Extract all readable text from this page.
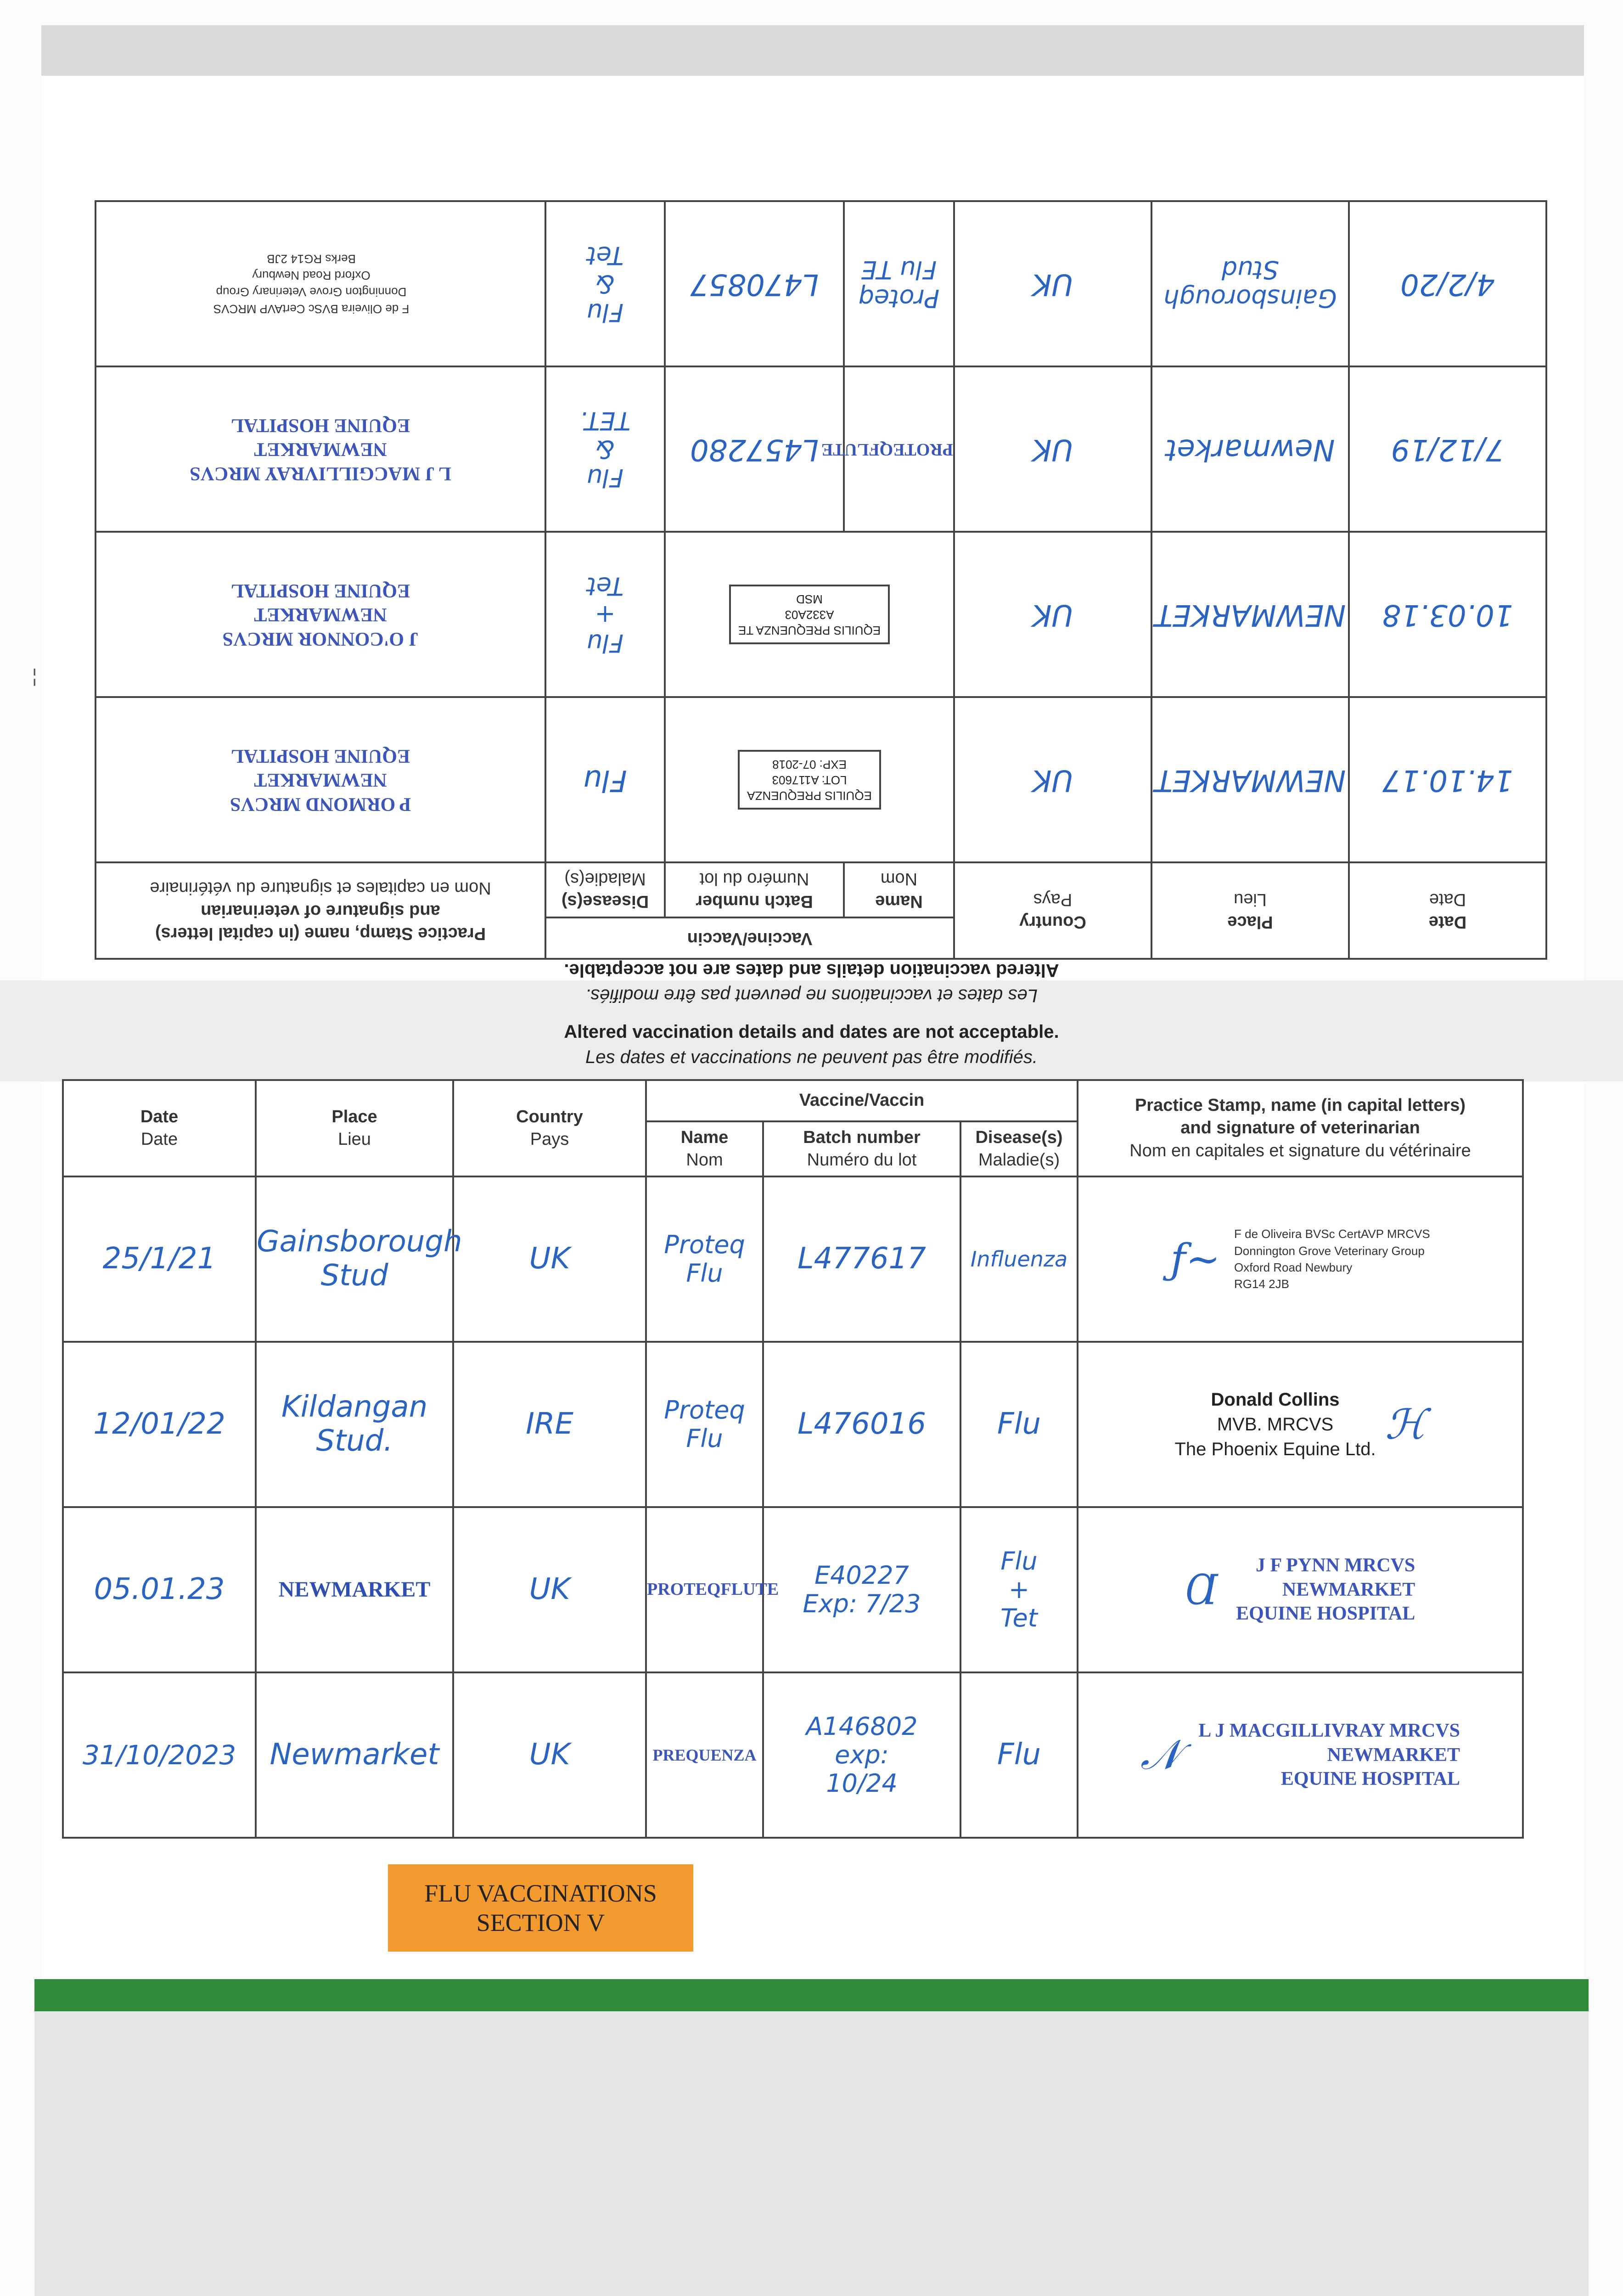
¦
Date
Date	Place
Lieu	Country
Pays	Vaccine/Vaccin			Practice Stamp, name (in capital letters)
and signature of veterinarian
Nom en capitales et signature du vétérinaire
			Name
Nom	Batch number
Numéro du lot	Disease(s)
Maladie(s)	
14.10.17	NEWMARKET	UK	EQUILIS PREQUENZA
LOT: A117603
EXP: 07-2018		Flu	P ORMOND MRCVS
NEWMARKET
EQUINE HOSPITAL
10.03.18	NEWMARKET	UK	EQUILIS PREQUENZA TE
A332A03
MSD		Flu
+
Tet	J O'CONNOR MRCVS
NEWMARKET
EQUINE HOSPITAL
7/12/19	Newmarket	UK	PROTEQFLUTE	L457280	Flu
&
TET.	L J MACGILLIVRAY MRCVS
NEWMARKET
EQUINE HOSPITAL
4/2/20	Gainsborough Stud	UK	Proteq
Flu TE	L470857	Flu
&
Tet	F de Oliveira BVSc CertAVP MRCVS
Donnington Grove Veterinary Group
Oxford Road Newbury
Berks RG14 2JB
Altered vaccination details and dates are not acceptable.
Les dates et vaccinations ne peuvent pas être modifiés.
Altered vaccination details and dates are not acceptable.
Les dates et vaccinations ne peuvent pas être modifiés.
Date
Date	Place
Lieu	Country
Pays	Vaccine/Vaccin			Practice Stamp, name (in capital letters)
and signature of veterinarian
Nom en capitales et signature du vétérinaire
			Name
Nom	Batch number
Numéro du lot	Disease(s)
Maladie(s)	
25/1/21	Gainsborough
Stud	UK	Proteq
Flu	L477617	Influenza	ƒ~
F de Oliveira BVSc CertAVP MRCVS
Donnington Grove Veterinary Group
Oxford Road Newbury
RG14 2JB

12/01/22	Kildangan
Stud.	IRE	Proteq
Flu	L476016	Flu	Donald Collins
MVB. MRCVS
The Phoenix Equine Ltd.
ℋ

05.01.23	NEWMARKET	UK	PROTEQFLUTE	E40227
Exp: 7/23	Flu
+
Tet	Ɑ
J F PYNN MRCVS
NEWMARKET
EQUINE HOSPITAL

31/10/2023	Newmarket	UK	PREQUENZA	A146802
exp:
10/24	Flu	𝒩 L J MACGILLIVRAY MRCVS
NEWMARKET
EQUINE HOSPITAL
FLU VACCINATIONS
SECTION V
